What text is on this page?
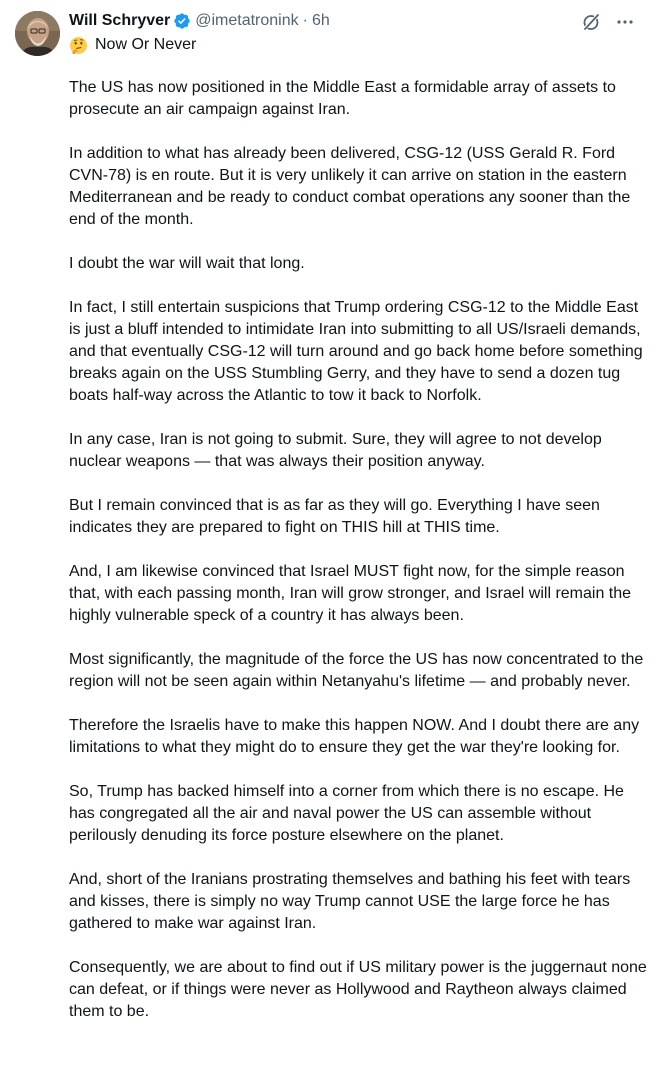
Will Schryver @imetatronink · 6h
Now Or Never

The US has now positioned in the Middle East a formidable array of assets to prosecute an air campaign against Iran.

In addition to what has already been delivered, CSG-12 (USS Gerald R. Ford CVN-78) is en route. But it is very unlikely it can arrive on station in the eastern Mediterranean and be ready to conduct combat operations any sooner than the end of the month.

I doubt the war will wait that long.

In fact, I still entertain suspicions that Trump ordering CSG-12 to the Middle East is just a bluff intended to intimidate Iran into submitting to all US/Israeli demands, and that eventually CSG-12 will turn around and go back home before something breaks again on the USS Stumbling Gerry, and they have to send a dozen tug boats half-way across the Atlantic to tow it back to Norfolk.

In any case, Iran is not going to submit. Sure, they will agree to not develop nuclear weapons — that was always their position anyway.

But I remain convinced that is as far as they will go. Everything I have seen indicates they are prepared to fight on THIS hill at THIS time.

And, I am likewise convinced that Israel MUST fight now, for the simple reason that, with each passing month, Iran will grow stronger, and Israel will remain the highly vulnerable speck of a country it has always been.

Most significantly, the magnitude of the force the US has now concentrated to the region will not be seen again within Netanyahu's lifetime — and probably never.

Therefore the Israelis have to make this happen NOW. And I doubt there are any limitations to what they might do to ensure they get the war they're looking for.

So, Trump has backed himself into a corner from which there is no escape. He has congregated all the air and naval power the US can assemble without perilously denuding its force posture elsewhere on the planet.

And, short of the Iranians prostrating themselves and bathing his feet with tears and kisses, there is simply no way Trump cannot USE the large force he has gathered to make war against Iran.

Consequently, we are about to find out if US military power is the juggernaut none can defeat, or if things were never as Hollywood and Raytheon always claimed them to be.
